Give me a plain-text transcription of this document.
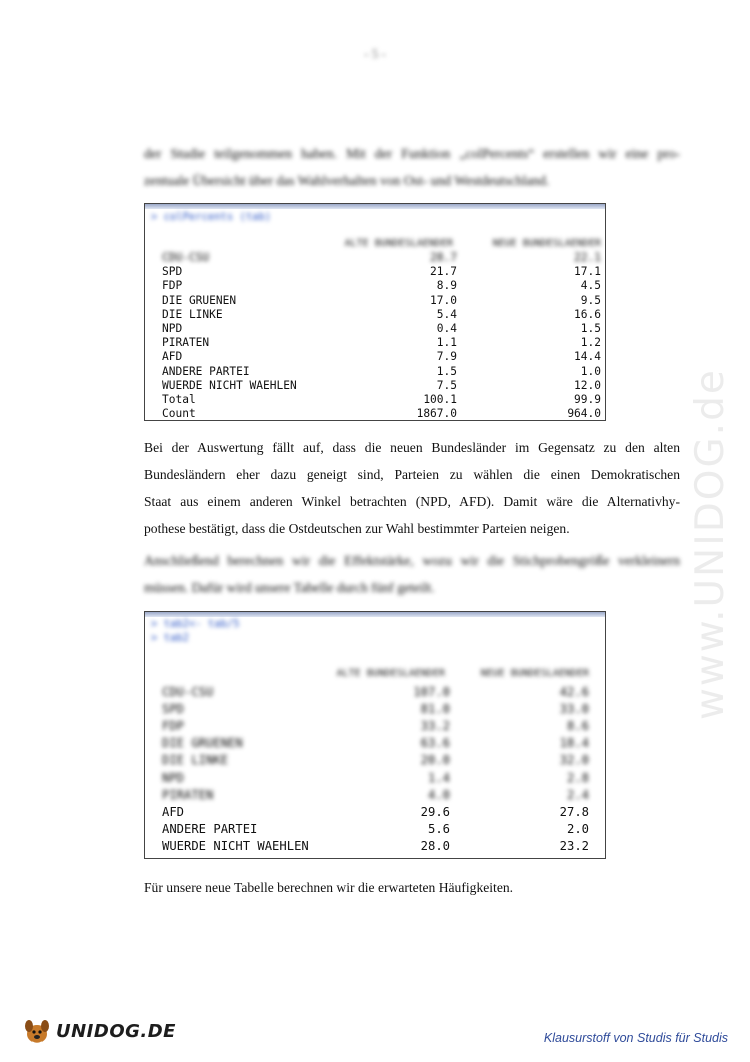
- 5 -
www.UNIDOG.de
der Studie teilgenommen haben. Mit der Funktion „colPercents“ erstellen wir eine pro-
zentuale Übersicht über das Wahlverhalten von Ost- und Westdeutschland.
> colPercents (tab)
ALTE BUNDESLAENDER	NEUE BUNDESLAENDER
CDU-CSU	28.7	22.1
SPD	21.7	17.1
FDP	8.9	4.5
DIE GRUENEN	17.0	9.5
DIE LINKE	5.4	16.6
NPD	0.4	1.5
PIRATEN	1.1	1.2
AFD	7.9	14.4
ANDERE PARTEI	1.5	1.0
WUERDE NICHT WAEHLEN	7.5	12.0
Total	100.1	99.9
Count	1867.0	964.0
Bei der Auswertung fällt auf, dass die neuen Bundesländer im Gegensatz zu den alten
Bundesländern eher dazu geneigt sind, Parteien zu wählen die einen Demokratischen
Staat aus einem anderen Winkel betrachten (NPD, AFD). Damit wäre die Alternativhy-
pothese bestätigt, dass die Ostdeutschen zur Wahl bestimmter Parteien neigen.
Anschließend berechnen wir die Effektstärke, wozu wir die Stichprobengröße verkleinern
müssen. Dafür wird unsere Tabelle durch fünf geteilt.
> tab2<- tab/5
> tab2
ALTE BUNDESLAENDER	NEUE BUNDESLAENDER
CDU-CSU	107.0	42.6
SPD	81.0	33.0
FDP	33.2	8.6
DIE GRUENEN	63.6	18.4
DIE LINKE	20.0	32.0
NPD	1.4	2.8
PIRATEN	4.0	2.4
AFD	29.6	27.8
ANDERE PARTEI	5.6	2.0
WUERDE NICHT WAEHLEN	28.0	23.2
Für unsere neue Tabelle berechnen wir die erwarteten Häufigkeiten.
UNIDOG.DE	Klausurstoff von Studis für Studis
